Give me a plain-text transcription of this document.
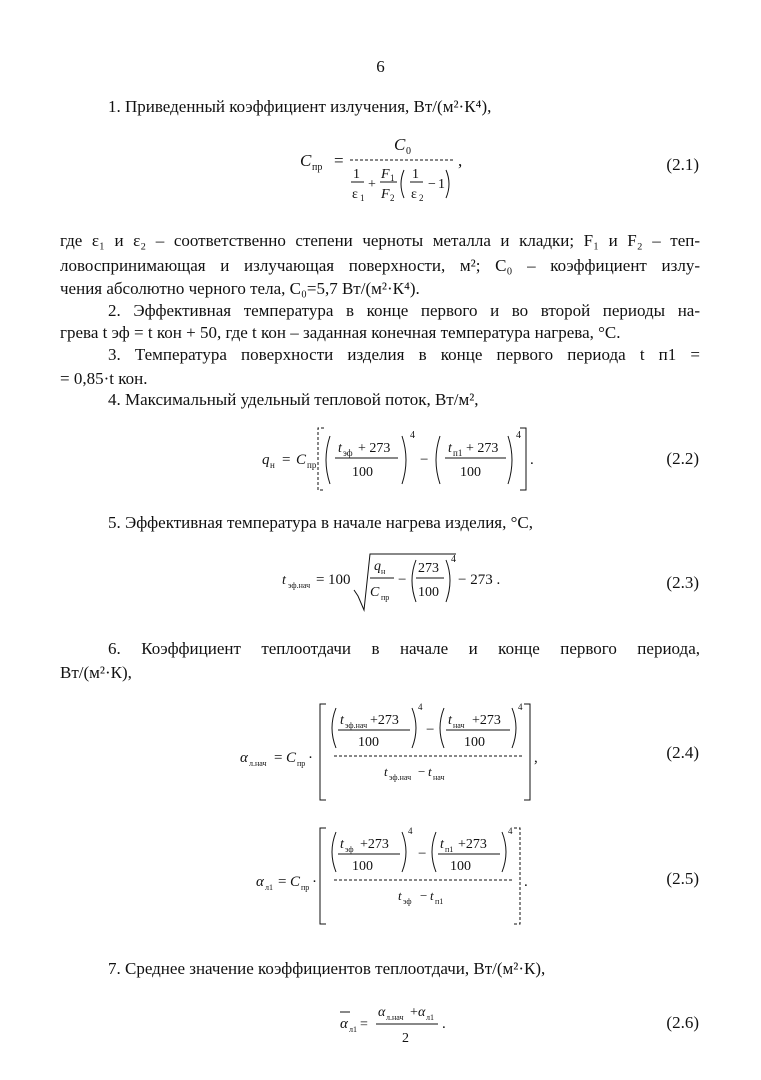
6
1. Приведенный коэффициент излучения, Вт/(м²·К⁴),
C пр =
C 0
1
ε 1
+
F 1
F 2
1
ε 2
− 1
,	(2.1)
где ε₁ и ε₂ – соответственно степени черноты металла и кладки; F₁ и F₂ – теп-
ловоспринимающая и излучающая поверхности, м²; C₀ – коэффициент излу-
чения абсолютно черного тела, C₀=5,7 Вт/(м²·К⁴).
2. Эффективная температура в конце первого и во второй периоды на-
грева t эф = t кон + 50, где t кон – заданная конечная температура нагрева, °С.
3. Температура поверхности изделия в конце первого периода t п1 =
= 0,85·t кон.
4. Максимальный удельный тепловой поток, Вт/м²,
q н = C пр
t эф + 273
100
4
−
t п1 + 273
100
4
.	(2.2)
5. Эффективная температура в начале нагрева изделия, °С,
t эф.нач = 100
q н
C пр
−
273
100
4
− 273 .	(2.3)
6. Коэффициент теплоотдачи в начале и конце первого периода,
Вт/(м²·К),
α л.нач = C пр ·
t эф.нач +273
100
4
−
t нач +273
100
4
t эф.нач − t нач
,	(2.4)
α л1 = C пр ·
t эф +273
100
4
−
t п1 +273
100
4
t эф − t п1
.	(2.5)
7. Среднее значение коэффициентов теплоотдачи, Вт/(м²·К),
α л1 =
α л.нач + α л1
2
.	(2.6)
